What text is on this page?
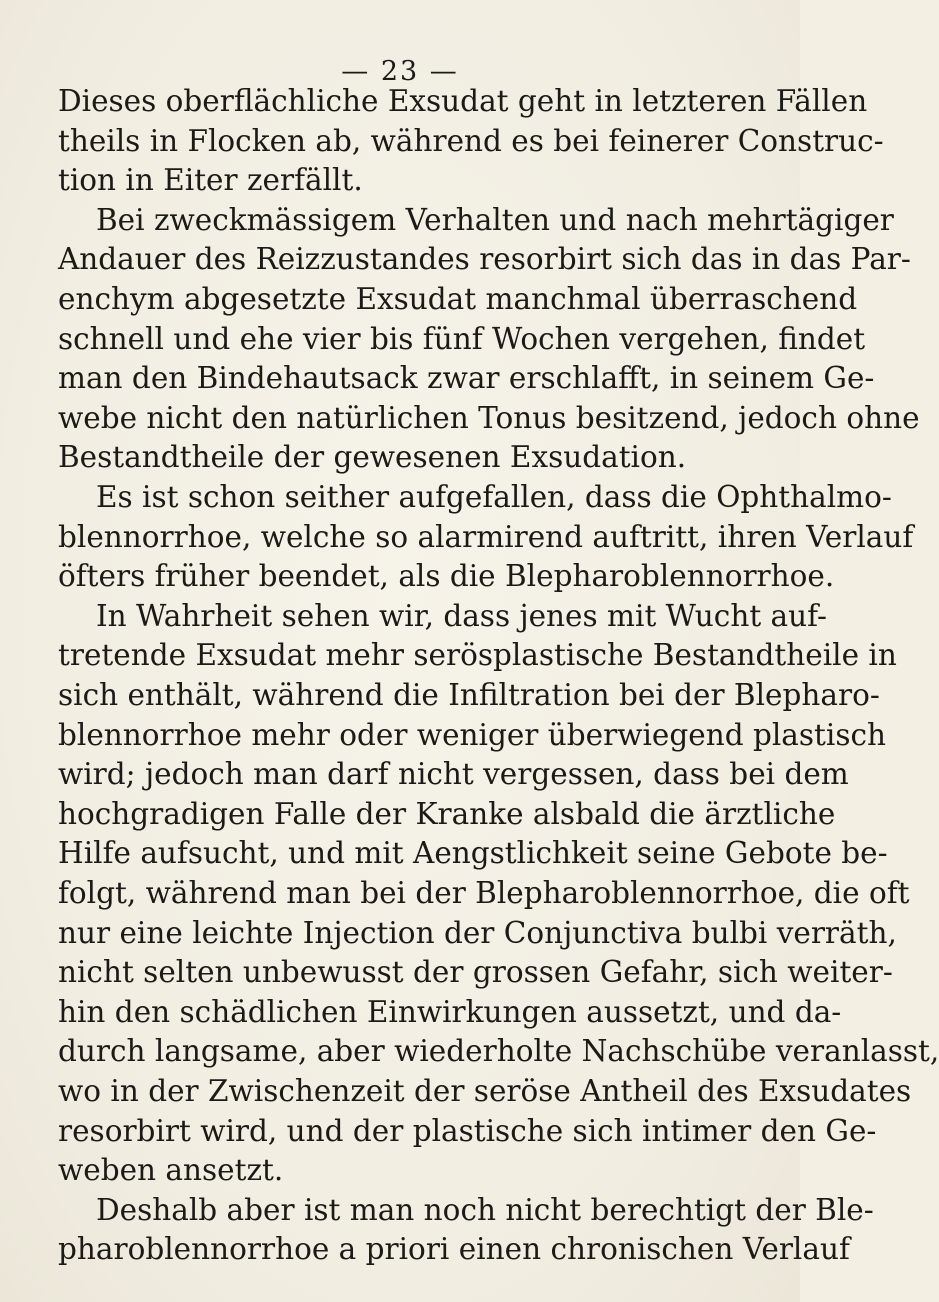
— 23 —
Dieses oberflächliche Exsudat geht in letzteren Fällen
theils in Flocken ab, während es bei feinerer Construc-
tion in Eiter zerfällt.
Bei zweckmässigem Verhalten und nach mehrtägiger
Andauer des Reizzustandes resorbirt sich das in das Par-
enchym abgesetzte Exsudat manchmal überraschend
schnell und ehe vier bis fünf Wochen vergehen, findet
man den Bindehautsack zwar erschlafft, in seinem Ge-
webe nicht den natürlichen Tonus besitzend, jedoch ohne
Bestandtheile der gewesenen Exsudation.
Es ist schon seither aufgefallen, dass die Ophthalmo-
blennorrhoe, welche so alarmirend auftritt, ihren Verlauf
öfters früher beendet, als die Blepharoblennorrhoe.
In Wahrheit sehen wir, dass jenes mit Wucht auf-
tretende Exsudat mehr serösplastische Bestandtheile in
sich enthält, während die Infiltration bei der Blepharo-
blennorrhoe mehr oder weniger überwiegend plastisch
wird; jedoch man darf nicht vergessen, dass bei dem
hochgradigen Falle der Kranke alsbald die ärztliche
Hilfe aufsucht, und mit Aengstlichkeit seine Gebote be-
folgt, während man bei der Blepharoblennorrhoe, die oft
nur eine leichte Injection der Conjunctiva bulbi verräth,
nicht selten unbewusst der grossen Gefahr, sich weiter-
hin den schädlichen Einwirkungen aussetzt, und da-
durch langsame, aber wiederholte Nachschübe veranlasst,
wo in der Zwischenzeit der seröse Antheil des Exsudates
resorbirt wird, und der plastische sich intimer den Ge-
weben ansetzt.
Deshalb aber ist man noch nicht berechtigt der Ble-
pharoblennorrhoe a priori einen chronischen Verlauf
